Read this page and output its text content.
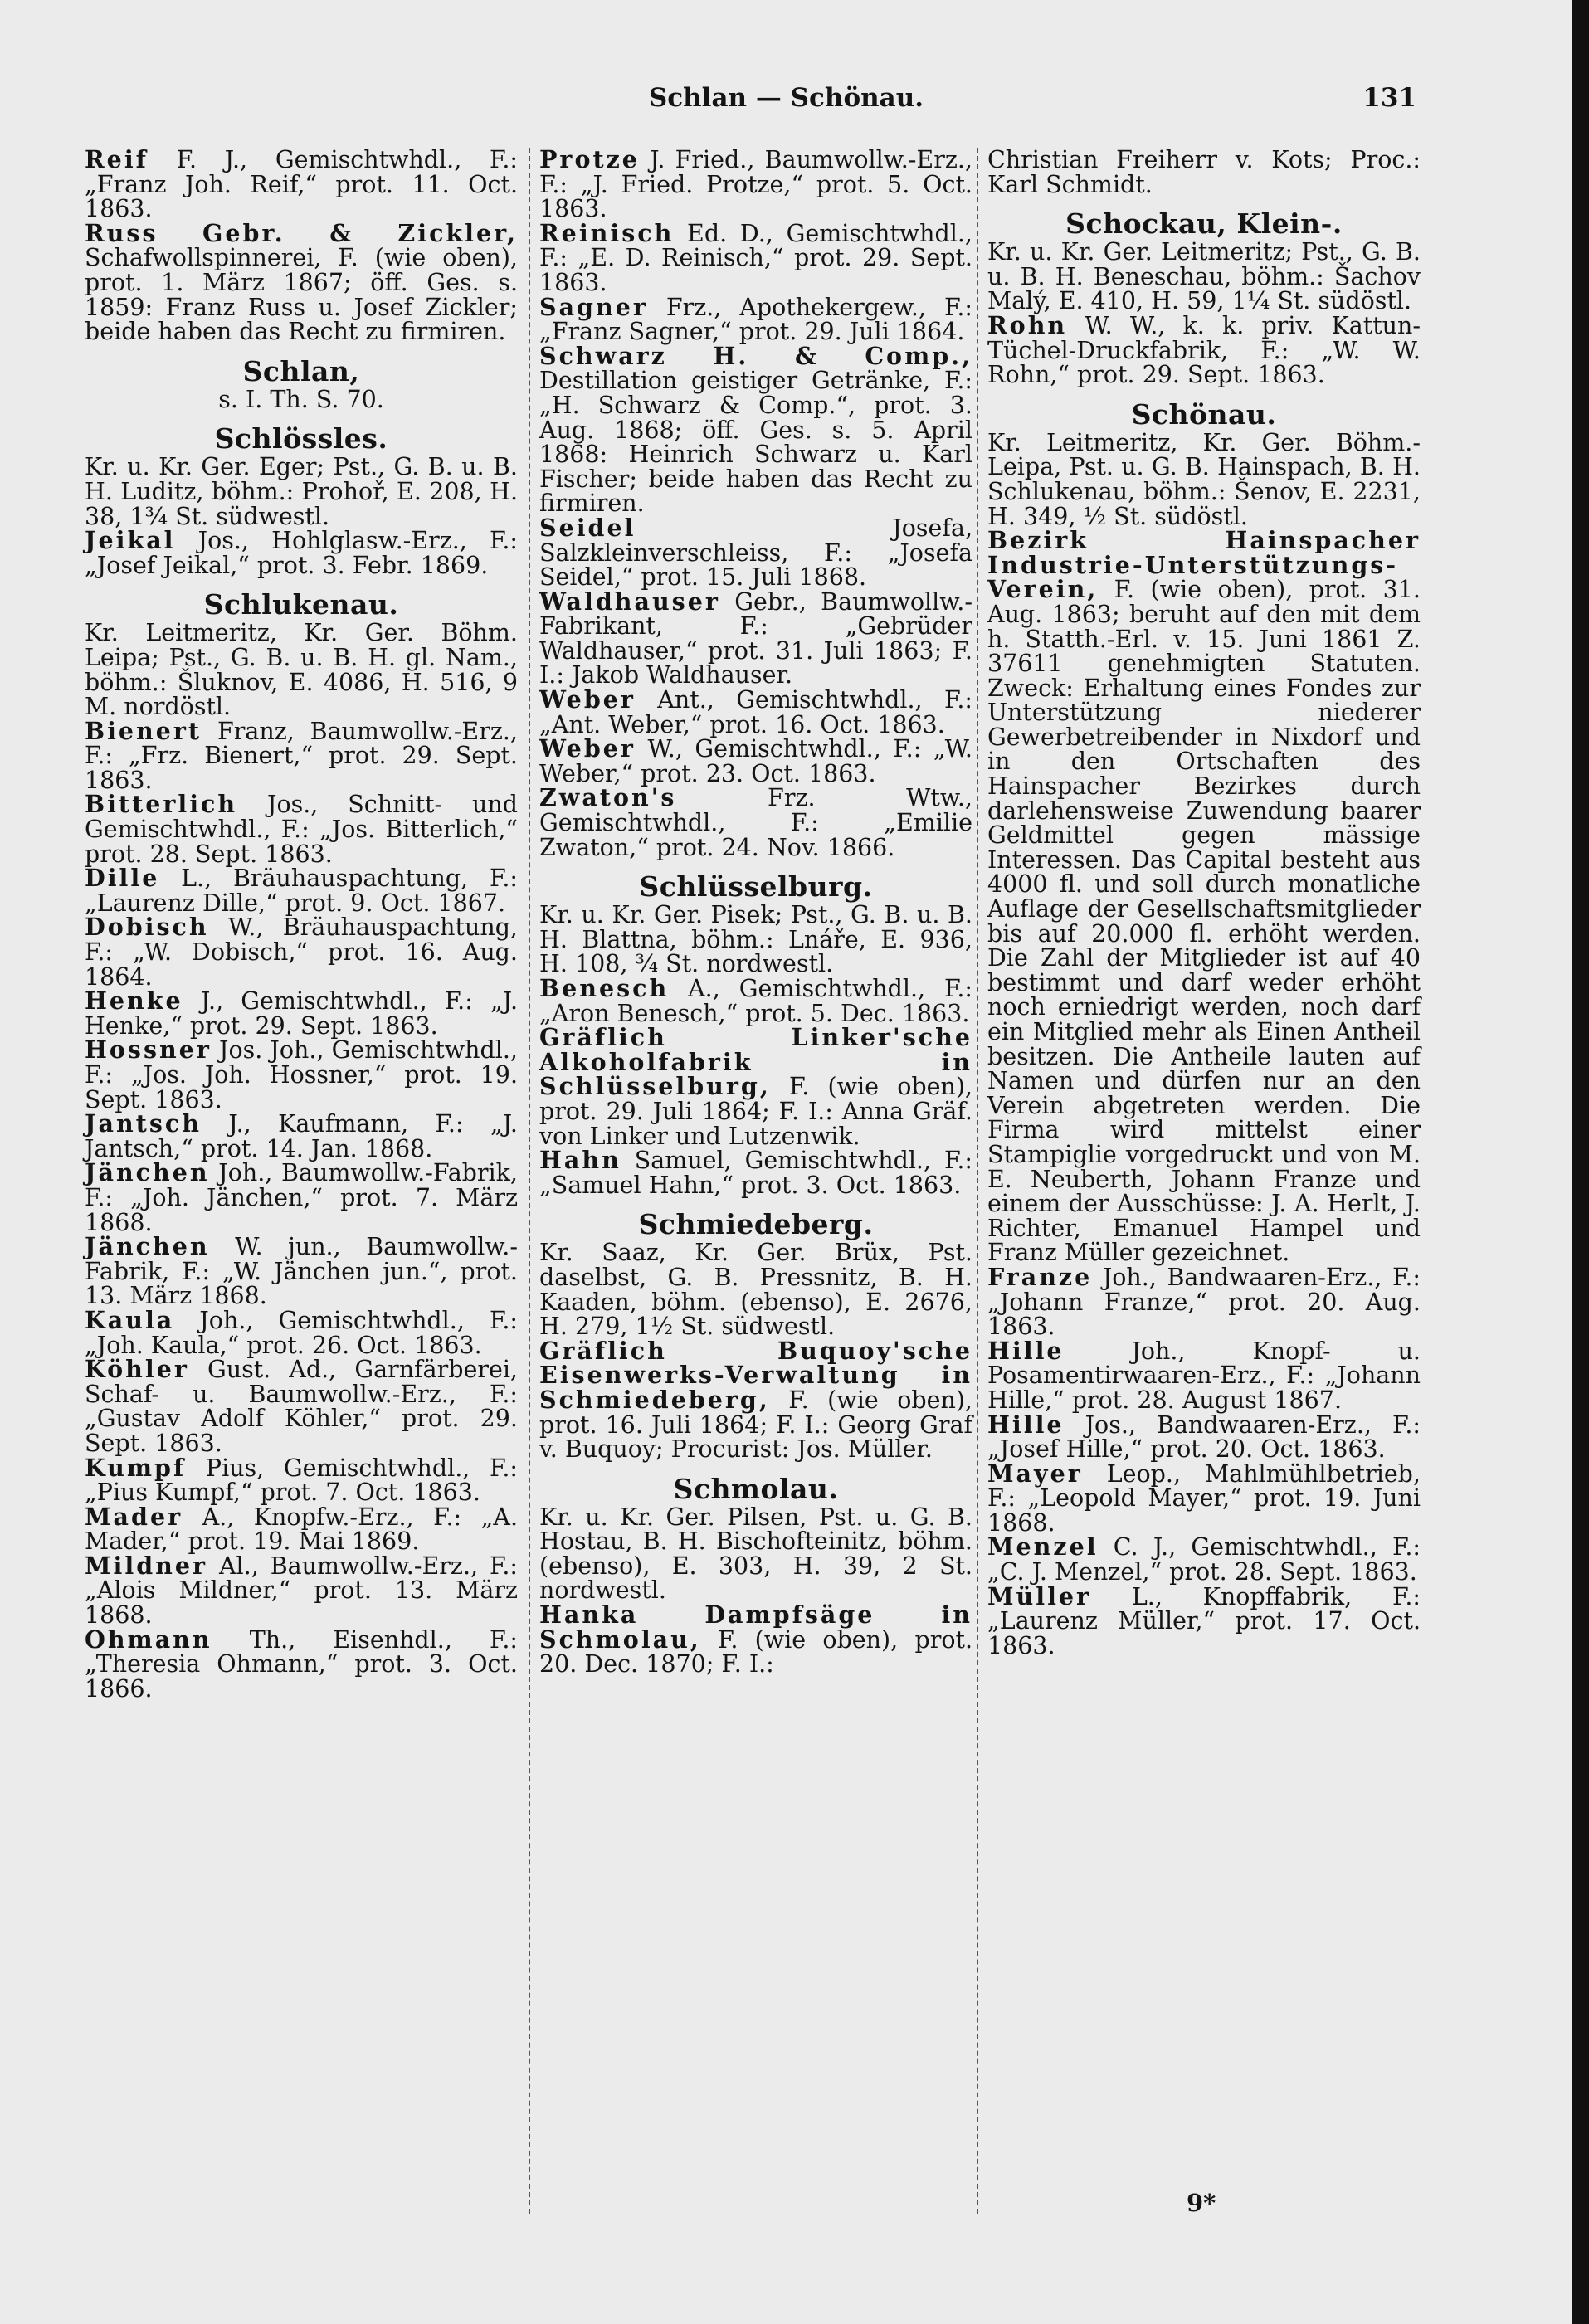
Schlan — Schönau.	131
Reif F. J., Gemischtwhdl., F.: „Franz Joh. Reif,“ prot. 11. Oct. 1863.
Russ Gebr. & Zickler, Schafwollspinnerei, F. (wie oben), prot. 1. März 1867; öff. Ges. s. 1859: Franz Russ u. Josef Zickler; beide haben das Recht zu firmiren.
Schlan,
s. I. Th. S. 70.
Schlössles.
Kr. u. Kr. Ger. Eger; Pst., G. B. u. B. H. Luditz, böhm.: Prohoř, E. 208, H. 38, 1¾ St. südwestl.
Jeikal Jos., Hohlglasw.-Erz., F.: „Josef Jeikal,“ prot. 3. Febr. 1869.
Schlukenau.
Kr. Leitmeritz, Kr. Ger. Böhm. Leipa; Pst., G. B. u. B. H. gl. Nam., böhm.: Šluknov, E. 4086, H. 516, 9 M. nordöstl.
Bienert Franz, Baumwollw.-Erz., F.: „Frz. Bienert,“ prot. 29. Sept. 1863.
Bitterlich Jos., Schnitt- und Gemischtwhdl., F.: „Jos. Bitterlich,“ prot. 28. Sept. 1863.
Dille L., Bräuhauspachtung, F.: „Laurenz Dille,“ prot. 9. Oct. 1867.
Dobisch W., Bräuhauspachtung, F.: „W. Dobisch,“ prot. 16. Aug. 1864.
Henke J., Gemischtwhdl., F.: „J. Henke,“ prot. 29. Sept. 1863.
Hossner Jos. Joh., Gemischtwhdl., F.: „Jos. Joh. Hossner,“ prot. 19. Sept. 1863.
Jantsch J., Kaufmann, F.: „J. Jantsch,“ prot. 14. Jan. 1868.
Jänchen Joh., Baumwollw.-Fabrik, F.: „Joh. Jänchen,“ prot. 7. März 1868.
Jänchen W. jun., Baumwollw.-Fabrik, F.: „W. Jänchen jun.“, prot. 13. März 1868.
Kaula Joh., Gemischtwhdl., F.: „Joh. Kaula,“ prot. 26. Oct. 1863.
Köhler Gust. Ad., Garnfärberei, Schaf- u. Baumwollw.-Erz., F.: „Gustav Adolf Köhler,“ prot. 29. Sept. 1863.
Kumpf Pius, Gemischtwhdl., F.: „Pius Kumpf,“ prot. 7. Oct. 1863.
Mader A., Knopfw.-Erz., F.: „A. Mader,“ prot. 19. Mai 1869.
Mildner Al., Baumwollw.-Erz., F.: „Alois Mildner,“ prot. 13. März 1868.
Ohmann Th., Eisenhdl., F.: „Theresia Ohmann,“ prot. 3. Oct. 1866.
Protze J. Fried., Baumwollw.-Erz., F.: „J. Fried. Protze,“ prot. 5. Oct. 1863.
Reinisch Ed. D., Gemischtwhdl., F.: „E. D. Reinisch,“ prot. 29. Sept. 1863.
Sagner Frz., Apothekergew., F.: „Franz Sagner,“ prot. 29. Juli 1864.
Schwarz H. & Comp., Destillation geistiger Getränke, F.: „H. Schwarz & Comp.“, prot. 3. Aug. 1868; öff. Ges. s. 5. April 1868: Heinrich Schwarz u. Karl Fischer; beide haben das Recht zu firmiren.
Seidel Josefa, Salzkleinverschleiss, F.: „Josefa Seidel,“ prot. 15. Juli 1868.
Waldhauser Gebr., Baumwollw.-Fabrikant, F.: „Gebrüder Waldhauser,“ prot. 31. Juli 1863; F. I.: Jakob Waldhauser.
Weber Ant., Gemischtwhdl., F.: „Ant. Weber,“ prot. 16. Oct. 1863.
Weber W., Gemischtwhdl., F.: „W. Weber,“ prot. 23. Oct. 1863.
Zwaton's Frz. Wtw., Gemischtwhdl., F.: „Emilie Zwaton,“ prot. 24. Nov. 1866.
Schlüsselburg.
Kr. u. Kr. Ger. Pisek; Pst., G. B. u. B. H. Blattna, böhm.: Lnáře, E. 936, H. 108, ¾ St. nordwestl.
Benesch A., Gemischtwhdl., F.: „Aron Benesch,“ prot. 5. Dec. 1863.
Gräflich Linker'sche Alkoholfabrik in Schlüsselburg, F. (wie oben), prot. 29. Juli 1864; F. I.: Anna Gräf. von Linker und Lutzenwik.
Hahn Samuel, Gemischtwhdl., F.: „Samuel Hahn,“ prot. 3. Oct. 1863.
Schmiedeberg.
Kr. Saaz, Kr. Ger. Brüx, Pst. daselbst, G. B. Pressnitz, B. H. Kaaden, böhm. (ebenso), E. 2676, H. 279, 1½ St. südwestl.
Gräflich Buquoy'sche Eisenwerks-Verwaltung in Schmiedeberg, F. (wie oben), prot. 16. Juli 1864; F. I.: Georg Graf v. Buquoy; Procurist: Jos. Müller.
Schmolau.
Kr. u. Kr. Ger. Pilsen, Pst. u. G. B. Hostau, B. H. Bischofteinitz, böhm. (ebenso), E. 303, H. 39, 2 St. nordwestl.
Hanka Dampfsäge in Schmolau, F. (wie oben), prot. 20. Dec. 1870; F. I.:
Christian Freiherr v. Kots; Proc.: Karl Schmidt.
Schockau, Klein-.
Kr. u. Kr. Ger. Leitmeritz; Pst., G. B. u. B. H. Beneschau, böhm.: Šachov Malý, E. 410, H. 59, 1¼ St. südöstl.
Rohn W. W., k. k. priv. Kattun-Tüchel-Druckfabrik, F.: „W. W. Rohn,“ prot. 29. Sept. 1863.
Schönau.
Kr. Leitmeritz, Kr. Ger. Böhm.-Leipa, Pst. u. G. B. Hainspach, B. H. Schlukenau, böhm.: Šenov, E. 2231, H. 349, ½ St. südöstl.
Bezirk Hainspacher Industrie-Unterstützungs-Verein, F. (wie oben), prot. 31. Aug. 1863; beruht auf den mit dem h. Statth.-Erl. v. 15. Juni 1861 Z. 37611 genehmigten Statuten. Zweck: Erhaltung eines Fondes zur Unterstützung niederer Gewerbetreibender in Nixdorf und in den Ortschaften des Hainspacher Bezirkes durch darlehensweise Zuwendung baarer Geldmittel gegen mässige Interessen. Das Capital besteht aus 4000 fl. und soll durch monatliche Auflage der Gesellschaftsmitglieder bis auf 20.000 fl. erhöht werden. Die Zahl der Mitglieder ist auf 40 bestimmt und darf weder erhöht noch erniedrigt werden, noch darf ein Mitglied mehr als Einen Antheil besitzen. Die Antheile lauten auf Namen und dürfen nur an den Verein abgetreten werden. Die Firma wird mittelst einer Stampiglie vorgedruckt und von M. E. Neuberth, Johann Franze und einem der Ausschüsse: J. A. Herlt, J. Richter, Emanuel Hampel und Franz Müller gezeichnet.
Franze Joh., Bandwaaren-Erz., F.: „Johann Franze,“ prot. 20. Aug. 1863.
Hille Joh., Knopf- u. Posamentirwaaren-Erz., F.: „Johann Hille,“ prot. 28. August 1867.
Hille Jos., Bandwaaren-Erz., F.: „Josef Hille,“ prot. 20. Oct. 1863.
Mayer Leop., Mahlmühlbetrieb, F.: „Leopold Mayer,“ prot. 19. Juni 1868.
Menzel C. J., Gemischtwhdl., F.: „C. J. Menzel,“ prot. 28. Sept. 1863.
Müller L., Knopffabrik, F.: „Laurenz Müller,“ prot. 17. Oct. 1863.
9*
